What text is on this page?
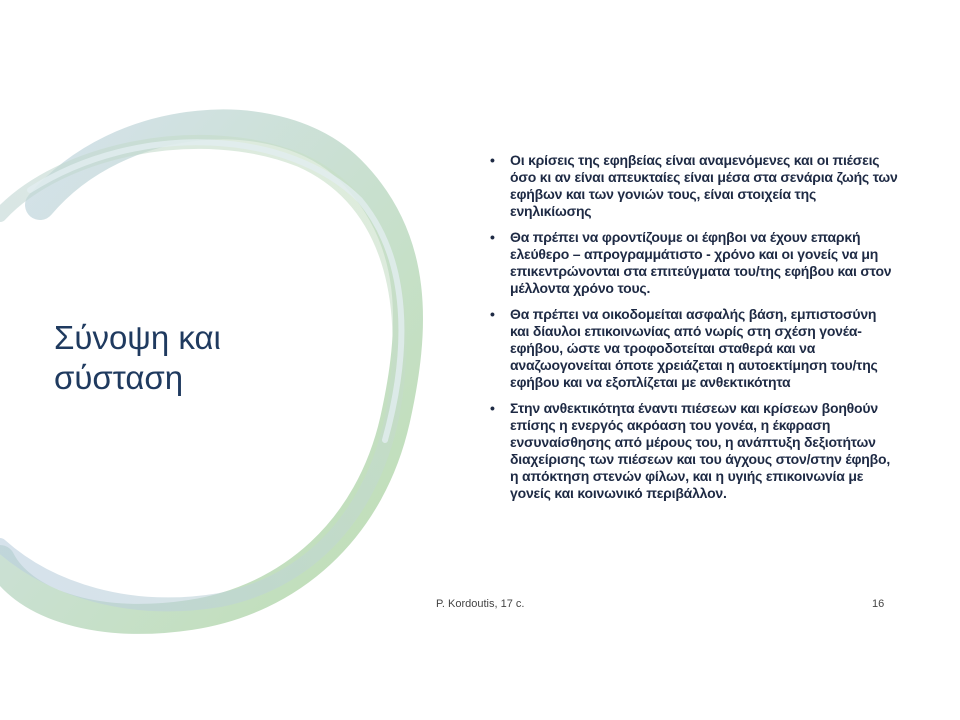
Σύνοψη και
σύσταση
• Οι κρίσεις της εφηβείας είναι αναμενόμενες και οι πιέσεις όσο κι αν είναι απευκταίες είναι μέσα στα σενάρια ζωής των εφήβων και των γονιών τους, είναι στοιχεία της ενηλικίωσης
• Θα πρέπει να φροντίζουμε οι έφηβοι να έχουν επαρκή ελεύθερο – απρογραμμάτιστο - χρόνο και οι γονείς να μη επικεντρώνονται στα επιτεύγματα του/της εφήβου και στον μέλλοντα χρόνο τους.
• Θα πρέπει να οικοδομείται ασφαλής βάση, εμπιστοσύνη και δίαυλοι επικοινωνίας από νωρίς στη σχέση γονέα-εφήβου, ώστε να τροφοδοτείται σταθερά και να αναζωογονείται όποτε χρειάζεται η αυτοεκτίμηση του/της εφήβου και να εξοπλίζεται με ανθεκτικότητα
• Στην ανθεκτικότητα έναντι πιέσεων και κρίσεων βοηθούν επίσης η ενεργός ακρόαση του γονέα, η έκφραση ενσυναίσθησης από μέρους του, η ανάπτυξη δεξιοτήτων διαχείρισης των πιέσεων και του άγχους στον/στην έφηβο, η απόκτηση στενών φίλων, και η υγιής επικοινωνία με γονείς και κοινωνικό περιβάλλον.
P. Kordoutis, 17 c.	16
